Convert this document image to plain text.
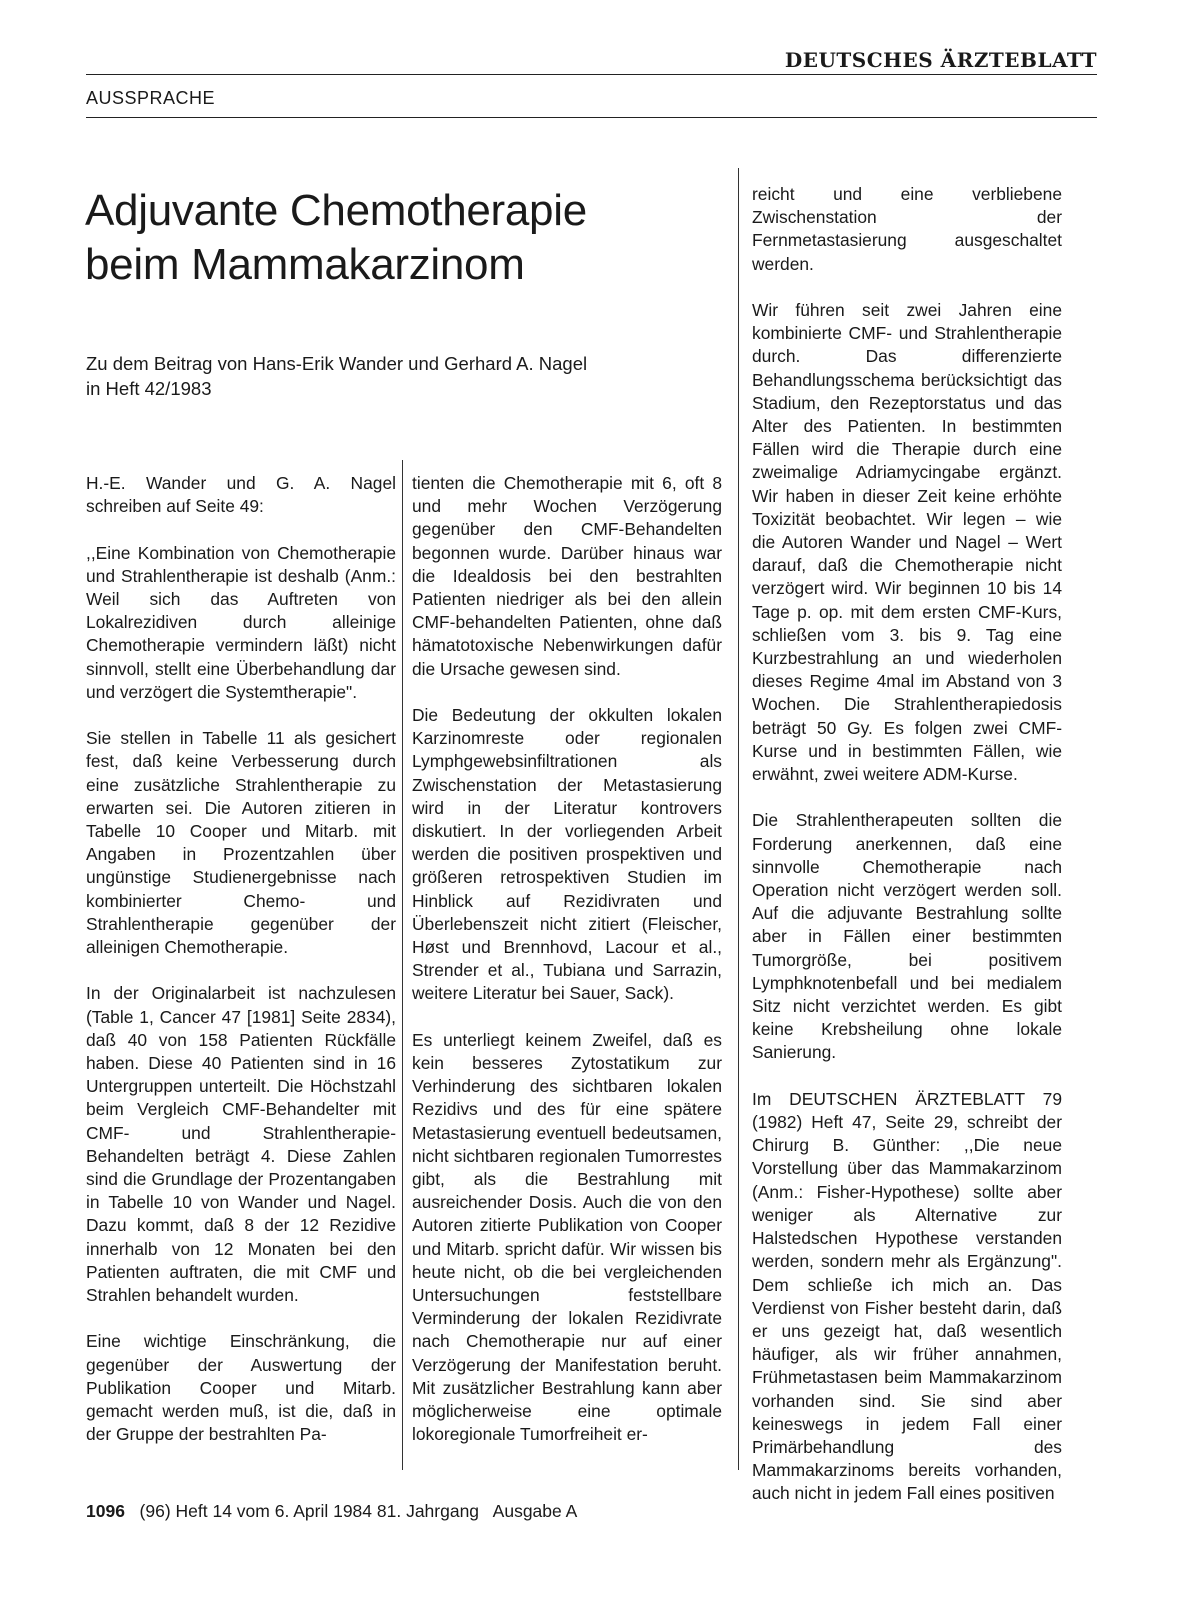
DEUTSCHES ÄRZTEBLATT
AUSSPRACHE
Adjuvante Chemotherapie
beim Mammakarzinom
Zu dem Beitrag von Hans-Erik Wander und Gerhard A. Nagel
in Heft 42/1983

H.-E. Wander und G. A. Nagel schreiben auf Seite 49:

,,Eine Kombination von Chemotherapie und Strahlentherapie ist deshalb (Anm.: Weil sich das Auftreten von Lokalrezidiven durch alleinige Chemotherapie vermindern läßt) nicht sinnvoll, stellt eine Überbehandlung dar und verzögert die Systemtherapie".

Sie stellen in Tabelle 11 als gesichert fest, daß keine Verbesserung durch eine zusätzliche Strahlentherapie zu erwarten sei. Die Autoren zitieren in Tabelle 10 Cooper und Mitarb. mit Angaben in Prozentzahlen über ungünstige Studienergebnisse nach kombinierter Chemo- und Strahlentherapie gegenüber der alleinigen Chemotherapie.

In der Originalarbeit ist nachzulesen (Table 1, Cancer 47 [1981] Seite 2834), daß 40 von 158 Patienten Rückfälle haben. Diese 40 Patienten sind in 16 Untergruppen unterteilt. Die Höchstzahl beim Vergleich CMF-Behandelter mit CMF- und Strahlentherapie-Behandelten beträgt 4. Diese Zahlen sind die Grundlage der Prozentangaben in Tabelle 10 von Wander und Nagel. Dazu kommt, daß 8 der 12 Rezidive innerhalb von 12 Monaten bei den Patienten auftraten, die mit CMF und Strahlen behandelt wurden.

Eine wichtige Einschränkung, die gegenüber der Auswertung der Publikation Cooper und Mitarb. gemacht werden muß, ist die, daß in der Gruppe der bestrahlten Pa-

tienten die Chemotherapie mit 6, oft 8 und mehr Wochen Verzögerung gegenüber den CMF-Behandelten begonnen wurde. Darüber hinaus war die Idealdosis bei den bestrahlten Patienten niedriger als bei den allein CMF-behandelten Patienten, ohne daß hämatotoxische Nebenwirkungen dafür die Ursache gewesen sind.

Die Bedeutung der okkulten lokalen Karzinomreste oder regionalen Lymphgewebsinfiltrationen als Zwischenstation der Metastasierung wird in der Literatur kontrovers diskutiert. In der vorliegenden Arbeit werden die positiven prospektiven und größeren retrospektiven Studien im Hinblick auf Rezidivraten und Überlebenszeit nicht zitiert (Fleischer, Høst und Brennhovd, Lacour et al., Strender et al., Tubiana und Sarrazin, weitere Literatur bei Sauer, Sack).

Es unterliegt keinem Zweifel, daß es kein besseres Zytostatikum zur Verhinderung des sichtbaren lokalen Rezidivs und des für eine spätere Metastasierung eventuell bedeutsamen, nicht sichtbaren regionalen Tumorrestes gibt, als die Bestrahlung mit ausreichender Dosis. Auch die von den Autoren zitierte Publikation von Cooper und Mitarb. spricht dafür. Wir wissen bis heute nicht, ob die bei vergleichenden Untersuchungen feststellbare Verminderung der lokalen Rezidivrate nach Chemotherapie nur auf einer Verzögerung der Manifestation beruht. Mit zusätzlicher Bestrahlung kann aber möglicherweise eine optimale lokoregionale Tumorfreiheit er-

reicht und eine verbliebene Zwischenstation der Fernmetastasierung ausgeschaltet werden.

Wir führen seit zwei Jahren eine kombinierte CMF- und Strahlentherapie durch. Das differenzierte Behandlungsschema berücksichtigt das Stadium, den Rezeptorstatus und das Alter des Patienten. In bestimmten Fällen wird die Therapie durch eine zweimalige Adriamycingabe ergänzt. Wir haben in dieser Zeit keine erhöhte Toxizität beobachtet. Wir legen – wie die Autoren Wander und Nagel – Wert darauf, daß die Chemotherapie nicht verzögert wird. Wir beginnen 10 bis 14 Tage p. op. mit dem ersten CMF-Kurs, schließen vom 3. bis 9. Tag eine Kurzbestrahlung an und wiederholen dieses Regime 4mal im Abstand von 3 Wochen. Die Strahlentherapiedosis beträgt 50 Gy. Es folgen zwei CMF-Kurse und in bestimmten Fällen, wie erwähnt, zwei weitere ADM-Kurse.

Die Strahlentherapeuten sollten die Forderung anerkennen, daß eine sinnvolle Chemotherapie nach Operation nicht verzögert werden soll. Auf die adjuvante Bestrahlung sollte aber in Fällen einer bestimmten Tumorgröße, bei positivem Lymphknotenbefall und bei medialem Sitz nicht verzichtet werden. Es gibt keine Krebsheilung ohne lokale Sanierung.

Im DEUTSCHEN ÄRZTEBLATT 79 (1982) Heft 47, Seite 29, schreibt der Chirurg B. Günther: ,,Die neue Vorstellung über das Mammakarzinom (Anm.: Fisher-Hypothese) sollte aber weniger als Alternative zur Halstedschen Hypothese verstanden werden, sondern mehr als Ergänzung". Dem schließe ich mich an. Das Verdienst von Fisher besteht darin, daß er uns gezeigt hat, daß wesentlich häufiger, als wir früher annahmen, Frühmetastasen beim Mammakarzinom vorhanden sind. Sie sind aber keineswegs in jedem Fall einer Primärbehandlung des Mammakarzinoms bereits vorhanden, auch nicht in jedem Fall eines positiven

1096 (96) Heft 14 vom 6. April 1984 81. Jahrgang   Ausgabe A
